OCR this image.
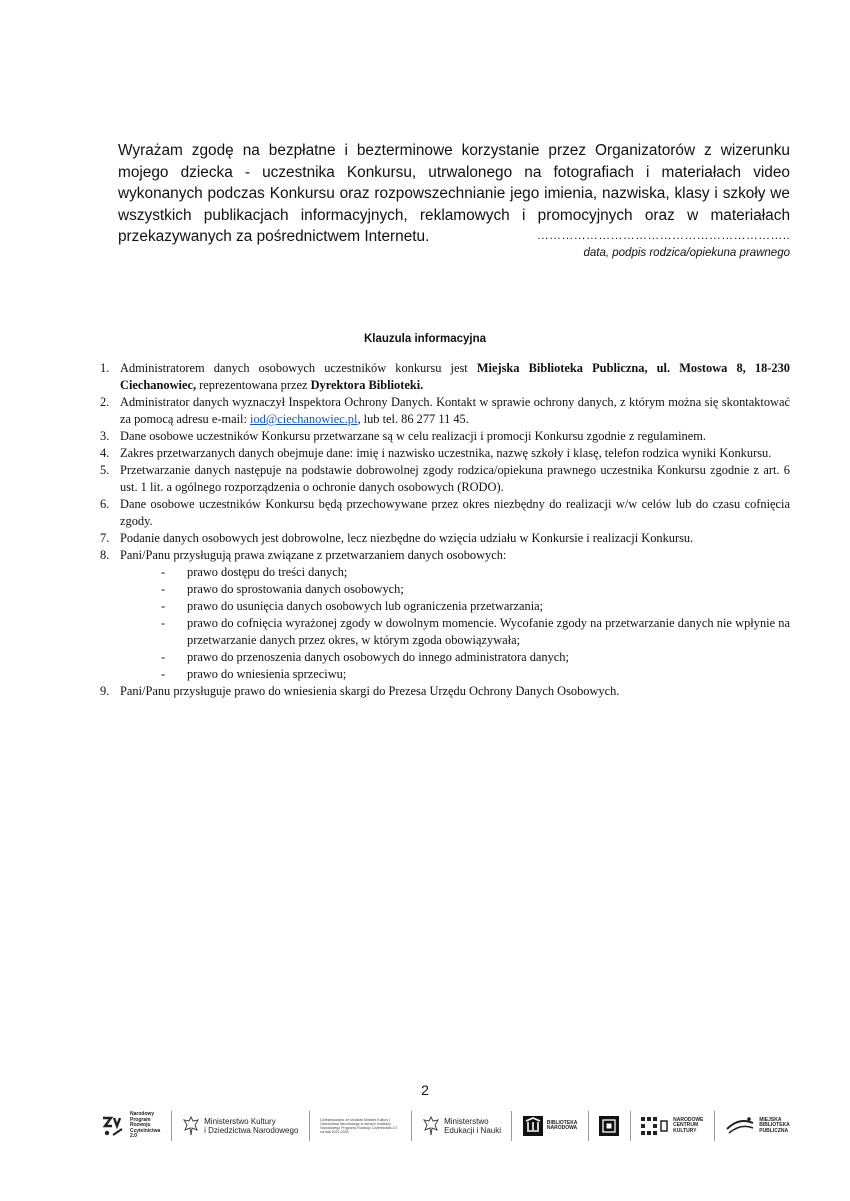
Wyrażam zgodę na bezpłatne i bezterminowe korzystanie przez Organizatorów z wizerunku mojego dziecka - uczestnika Konkursu, utrwalonego na fotografiach i materiałach video wykonanych podczas Konkursu oraz rozpowszechnianie jego imienia, nazwiska, klasy i szkoły we wszystkich publikacjach informacyjnych, reklamowych i promocyjnych oraz w materiałach przekazywanych za pośrednictwem Internetu.	……………………………………………………..
data, podpis rodzica/opiekuna prawnego
Klauzula informacyjna
1. Administratorem danych osobowych uczestników konkursu jest Miejska Biblioteka Publiczna, ul. Mostowa 8, 18-230 Ciechanowiec, reprezentowana przez Dyrektora Biblioteki.
2. Administrator danych wyznaczył Inspektora Ochrony Danych. Kontakt w sprawie ochrony danych, z którym można się skontaktować za pomocą adresu e-mail: iod@ciechanowiec.pl, lub tel. 86 277 11 45.
3. Dane osobowe uczestników Konkursu przetwarzane są w celu realizacji i promocji Konkursu zgodnie z regulaminem.
4. Zakres przetwarzanych danych obejmuje dane: imię i nazwisko uczestnika, nazwę szkoły i klasę, telefon rodzica wyniki Konkursu.
5. Przetwarzanie danych następuje na podstawie dobrowolnej zgody rodzica/opiekuna prawnego uczestnika Konkursu zgodnie z art. 6 ust. 1 lit. a ogólnego rozporządzenia o ochronie danych osobowych (RODO).
6. Dane osobowe uczestników Konkursu będą przechowywane przez okres niezbędny do realizacji w/w celów lub do czasu cofnięcia zgody.
7. Podanie danych osobowych jest dobrowolne, lecz niezbędne do wzięcia udziału w Konkursie i realizacji Konkursu.
8. Pani/Panu przysługują prawa związane z przetwarzaniem danych osobowych:
-	prawo dostępu do treści danych;
-	prawo do sprostowania danych osobowych;
-	prawo do usunięcia danych osobowych lub ograniczenia przetwarzania;
-	prawo do cofnięcia wyrażonej zgody w dowolnym momencie. Wycofanie zgody na przetwarzanie danych nie wpłynie na przetwarzanie danych przez okres, w którym zgoda obowiązywała;
-	prawo do przenoszenia danych osobowych do innego administratora danych;
-	prawo do wniesienia sprzeciwu;
9. Pani/Panu przysługuje prawo do wniesienia skargi do Prezesa Urzędu Ochrony Danych Osobowych.
2
Narodowy
Program
Rozwoju
Czytelnictwa
2.0
Ministerstwo Kultury
i Dziedzictwa Narodowego
Dofinansowano ze środków Ministra Kultury i Dziedzictwa Narodowego w ramach realizacji Narodowego Programu Rozwoju Czytelnictwa 2.0 na lata 2021-2025
Ministerstwo
Edukacji i Nauki
BIBLIOTEKA
NARODOWA
NARODOWE
CENTRUM
KULTURY
MIEJSKA
BIBLIOTEKA
PUBLICZNA
